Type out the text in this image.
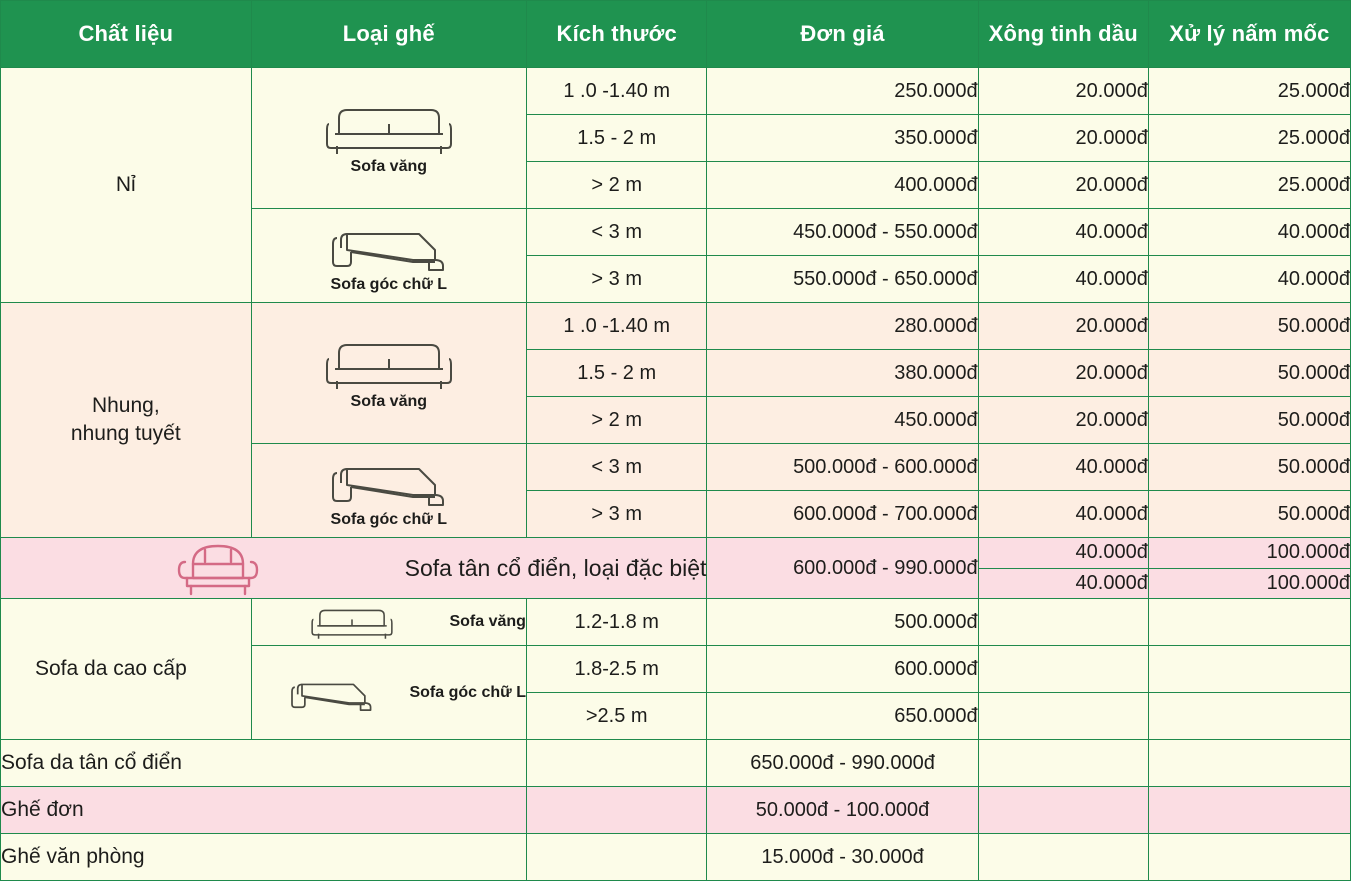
Chất liệu	Loại ghế	Kích thước	Đơn giá	Xông tinh dầu	Xử lý nấm mốc
Nỉ	Sofa văng	1 .0 -1.40 m	250.000đ	20.000đ	25.000đ
		1.5 - 2 m	350.000đ	20.000đ	25.000đ
		> 2 m	400.000đ	20.000đ	25.000đ

	Sofa góc chữ L	< 3 m	450.000đ - 550.000đ	40.000đ	40.000đ
		> 3 m	550.000đ - 650.000đ	40.000đ	40.000đ
Nhung,
nhung tuyết	Sofa văng	1 .0 -1.40 m	280.000đ	20.000đ	50.000đ
		1.5 - 2 m	380.000đ	20.000đ	50.000đ
		> 2 m	450.000đ	20.000đ	50.000đ

	Sofa góc chữ L	< 3 m	500.000đ - 600.000đ	40.000đ	50.000đ
		> 3 m	600.000đ - 700.000đ	40.000đ	50.000đ

Sofa tân cổ điển, loại đặc biệt			600.000đ - 990.000đ	40.000đ	100.000đ
				40.000đ	100.000đ
Sofa da cao cấp	Sofa văng	1.2-1.8 m	500.000đ		

	Sofa góc chữ L	1.8-2.5 m	600.000đ		
		>2.5 m	650.000đ		
Sofa da tân cổ điển			650.000đ - 990.000đ		
Ghế đơn			50.000đ - 100.000đ		
Ghế văn phòng			15.000đ - 30.000đ		
